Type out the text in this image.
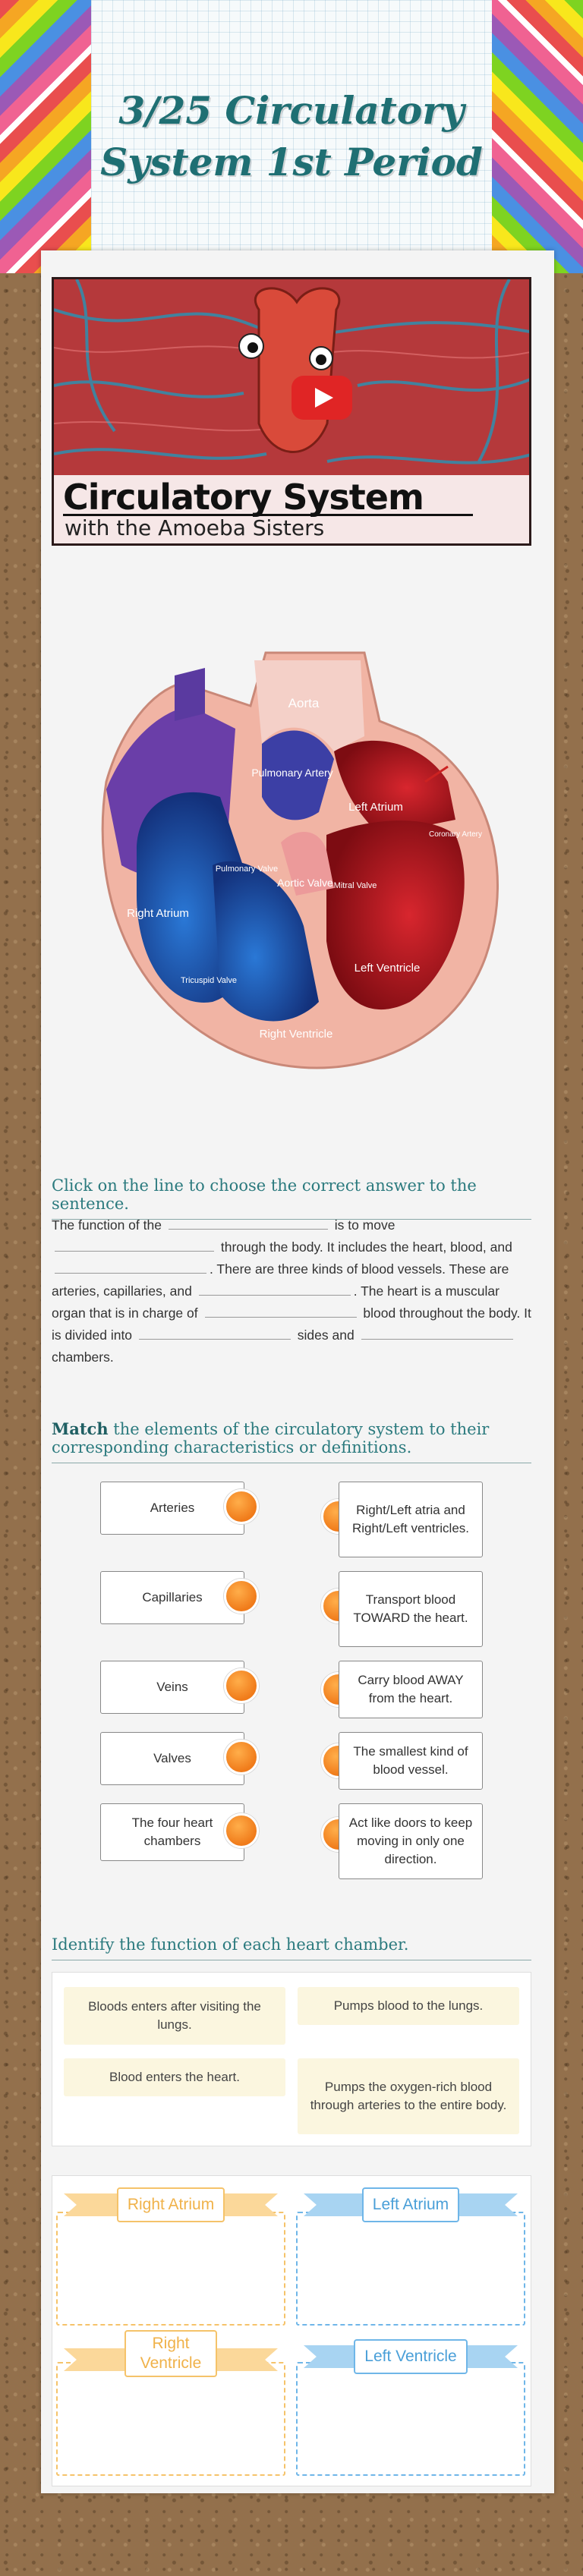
3/25 Circulatory System 1st Period
Circulatory System
with the Amoeba Sisters
Aorta
Pulmonary Artery
Left Atrium
Coronary Artery
Pulmonary Valve
Aortic Valve Mitral Valve
Right Atrium
Left Ventricle
Tricuspid Valve
Right Ventricle
Click on the line to choose the correct answer to the sentence.
The function of the	is to move  through the body. It includes the heart, blood, and . There are three kinds of blood vessels. These are arteries, capillaries, and	. The heart is a muscular organ that is in charge of	blood throughout the body. It is divided into	sides and  chambers.
Match the elements of the circulatory system to their corresponding characteristics or definitions.
Arteries
Capillaries
Veins
Valves
The four heart chambers
Right/Left atria and Right/Left ventricles.
Transport blood TOWARD the heart.
Carry blood AWAY from the heart.
The smallest kind of blood vessel.
Act like doors to keep moving in only one direction.
Identify the function of each heart chamber.
Bloods enters after visiting the lungs.
Pumps blood to the lungs.
Blood enters the heart.
Pumps the oxygen-rich blood through arteries to the entire body.
Right Atrium	Left Atrium
Right Ventricle	Left Ventricle
